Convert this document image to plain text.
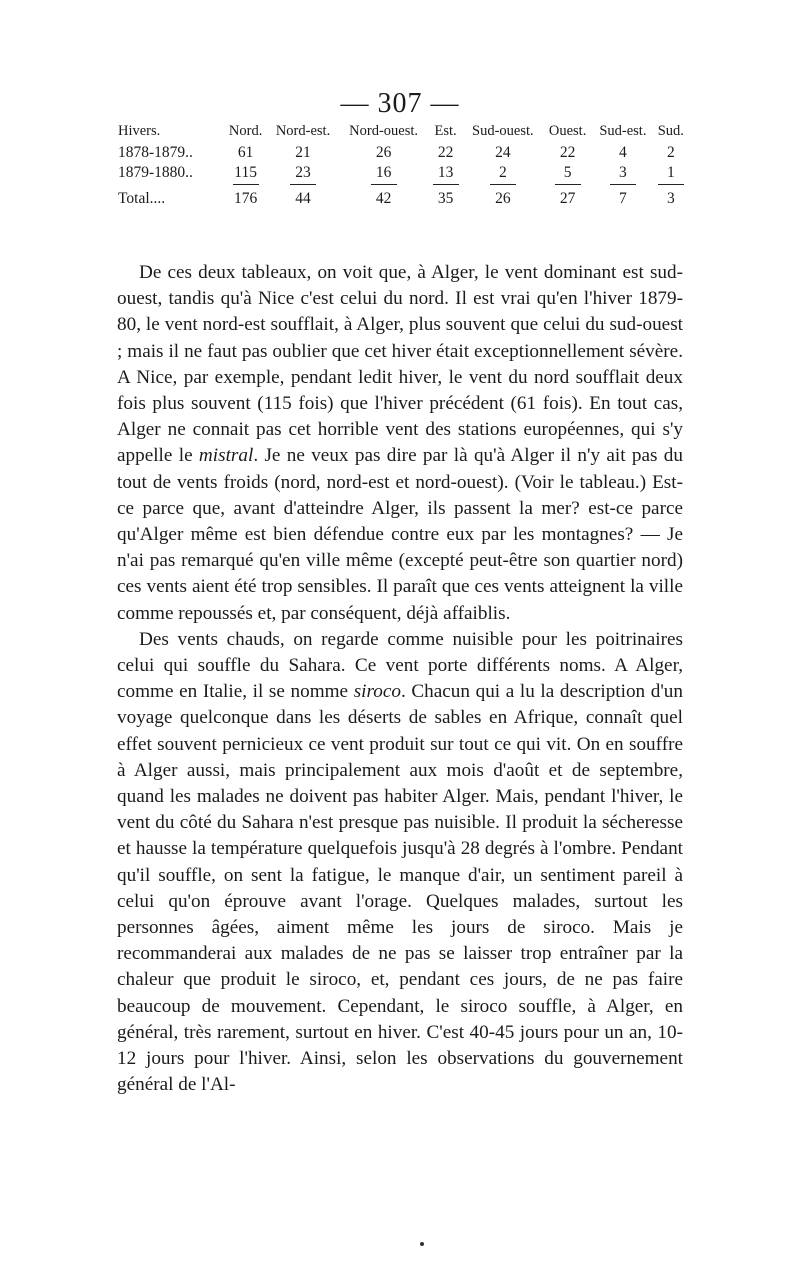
— 307 —
Hivers.	Nord.	Nord-est.	Nord-ouest.	Est.	Sud-ouest.	Ouest.	Sud-est.	Sud.
1878-1879..	61	21	26	22	24	22	4	2
1879-1880..	115	23	16	13	2	5	3	1

Total....	176	44	42	35	26	27	7	3

De ces deux tableaux, on voit que, à Alger, le vent dominant est sud-ouest, tandis qu'à Nice c'est celui du nord. Il est vrai qu'en l'hiver 1879-80, le vent nord-est soufflait, à Alger, plus souvent que celui du sud-ouest ; mais il ne faut pas oublier que cet hiver était exceptionnellement sévère. A Nice, par exemple, pendant ledit hiver, le vent du nord soufflait deux fois plus souvent (115 fois) que l'hiver précédent (61 fois). En tout cas, Alger ne connait pas cet horrible vent des stations européennes, qui s'y appelle le mistral. Je ne veux pas dire par là qu'à Alger il n'y ait pas du tout de vents froids (nord, nord-est et nord-ouest). (Voir le tableau.) Est-ce parce que, avant d'atteindre Alger, ils passent la mer? est-ce parce qu'Alger même est bien défendue contre eux par les montagnes? — Je n'ai pas remarqué qu'en ville même (excepté peut-être son quartier nord) ces vents aient été trop sensibles. Il paraît que ces vents atteignent la ville comme repoussés et, par conséquent, déjà affaiblis.

Des vents chauds, on regarde comme nuisible pour les poitrinaires celui qui souffle du Sahara. Ce vent porte différents noms. A Alger, comme en Italie, il se nomme siroco. Chacun qui a lu la description d'un voyage quelconque dans les déserts de sables en Afrique, connaît quel effet souvent pernicieux ce vent produit sur tout ce qui vit. On en souffre à Alger aussi, mais principalement aux mois d'août et de septembre, quand les malades ne doivent pas habiter Alger. Mais, pendant l'hiver, le vent du côté du Sahara n'est presque pas nuisible. Il produit la sécheresse et hausse la température quelquefois jusqu'à 28 degrés à l'ombre. Pendant qu'il souffle, on sent la fatigue, le manque d'air, un sentiment pareil à celui qu'on éprouve avant l'orage. Quelques malades, surtout les personnes âgées, aiment même les jours de siroco. Mais je recommanderai aux malades de ne pas se laisser trop entraîner par la chaleur que produit le siroco, et, pendant ces jours, de ne pas faire beaucoup de mouvement. Cependant, le siroco souffle, à Alger, en général, très rarement, surtout en hiver. C'est 40-45 jours pour un an, 10-12 jours pour l'hiver. Ainsi, selon les observations du gouvernement général de l'Al-
